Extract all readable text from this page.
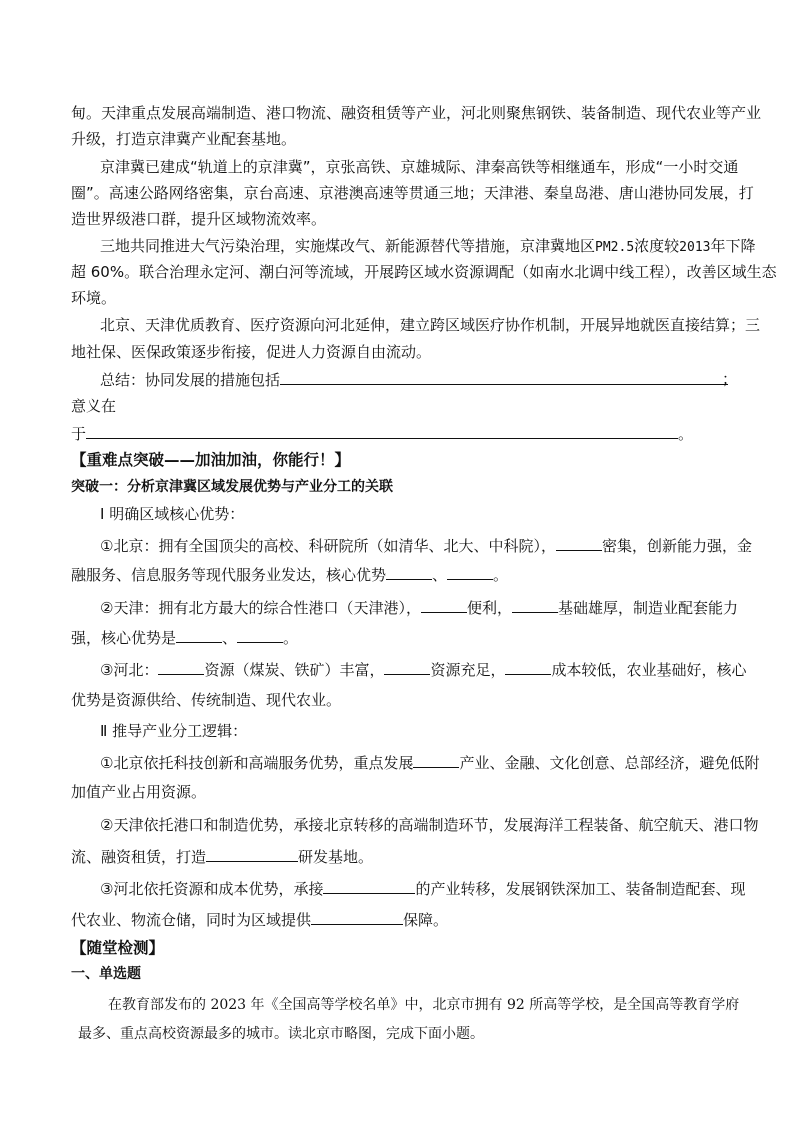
甸。天津重点发展高端制造、港口物流、融资租赁等产业，河北则聚焦钢铁、装备制造、现代农业等产业
升级，打造京津冀产业配套基地。
京津冀已建成“轨道上的京津冀”，京张高铁、京雄城际、津秦高铁等相继通车，形成“一小时交通
圈”。高速公路网络密集，京台高速、京港澳高速等贯通三地；天津港、秦皇岛港、唐山港协同发展，打
造世界级港口群，提升区域物流效率。
三地共同推进大气污染治理，实施煤改气、新能源替代等措施，京津冀地区PM2.5浓度较2013年下降
超 60%。联合治理永定河、潮白河等流域，开展跨区域水资源调配（如南水北调中线工程），改善区域生态
环境。
北京、天津优质教育、医疗资源向河北延伸，建立跨区域医疗协作机制，开展异地就医直接结算；三
地社保、医保政策逐步衔接，促进人力资源自由流动。
总结：协同发展的措施包括	；
意义在
于	。
【重难点突破——加油加油，你能行！】
突破一：分析京津冀区域发展优势与产业分工的关联
Ⅰ 明确区域核心优势：
①北京：拥有全国顶尖的高校、科研院所（如清华、北大、中科院），	密集，创新能力强，金
融服务、信息服务等现代服务业发达，核心优势	、	。
②天津：拥有北方最大的综合性港口（天津港），	便利，	基础雄厚，制造业配套能力
强，核心优势是	、	。
③河北：	资源（煤炭、铁矿）丰富，	资源充足，	成本较低，农业基础好，核心
优势是资源供给、传统制造、现代农业。
Ⅱ 推导产业分工逻辑：
①北京依托科技创新和高端服务优势，重点发展	产业、金融、文化创意、总部经济，避免低附
加值产业占用资源。
②天津依托港口和制造优势，承接北京转移的高端制造环节，发展海洋工程装备、航空航天、港口物
流、融资租赁，打造	研发基地。
③河北依托资源和成本优势，承接	的产业转移，发展钢铁深加工、装备制造配套、现
代农业、物流仓储，同时为区域提供	保障。
【随堂检测】
一、单选题
在教育部发布的 2023 年《全国高等学校名单》中，北京市拥有 92 所高等学校，是全国高等教育学府
最多、重点高校资源最多的城市。读北京市略图，完成下面小题。
